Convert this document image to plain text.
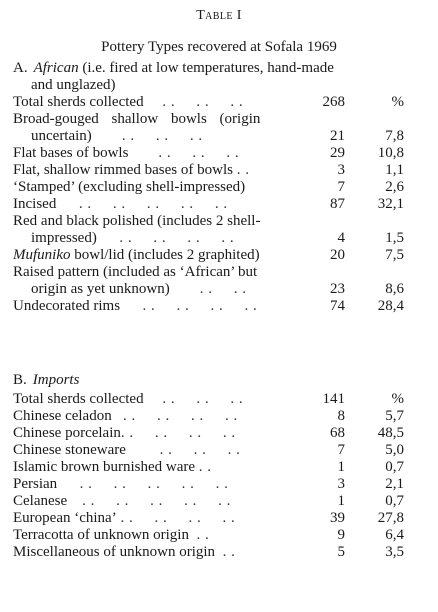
Table I
Pottery Types recovered at Sofala 1969

A. African (i.e. fired at low temperatures, hand-made
and unglazed)

Total sherds collected . .     . .     . .	268	%
Broad-gouged shallow bowls (origin
uncertain) . .     . .     . .	21	7,8
Flat bases of bowls . .     . .     . .	29	10,8
Flat, shallow rimmed bases of bowls . .	3	1,1
‘Stamped’ (excluding shell-impressed)	7	2,6
Incised . .     . .     . .     . .     . .	87	32,1
Red and black polished (includes 2 shell-
impressed) . .     . .     . .     . .	4	1,5
Mufuniko bowl/lid (includes 2 graphited)	20	7,5
Raised pattern (included as ‘African’ but
origin as yet unknown) . .     . .	23	8,6
Undecorated rims . .     . .     . .     . .	74	28,4

B. Imports

Total sherds collected . .     . .     . .	141	%
Chinese celadon . .     . .     . .     . .	8	5,7
Chinese porcelain. .     . .     . .     . .	68	48,5
Chinese stoneware . .     . .     . .	7	5,0
Islamic brown burnished ware . .	1	0,7
Persian . .     . .     . .     . .     . .	3	2,1
Celanese . .     . .     . .     . .     . .	1	0,7
European ‘china’ . .     . .     . .     . .	39	27,8
Terracotta of unknown origin . .	9	6,4
Miscellaneous of unknown origin . .	5	3,5
